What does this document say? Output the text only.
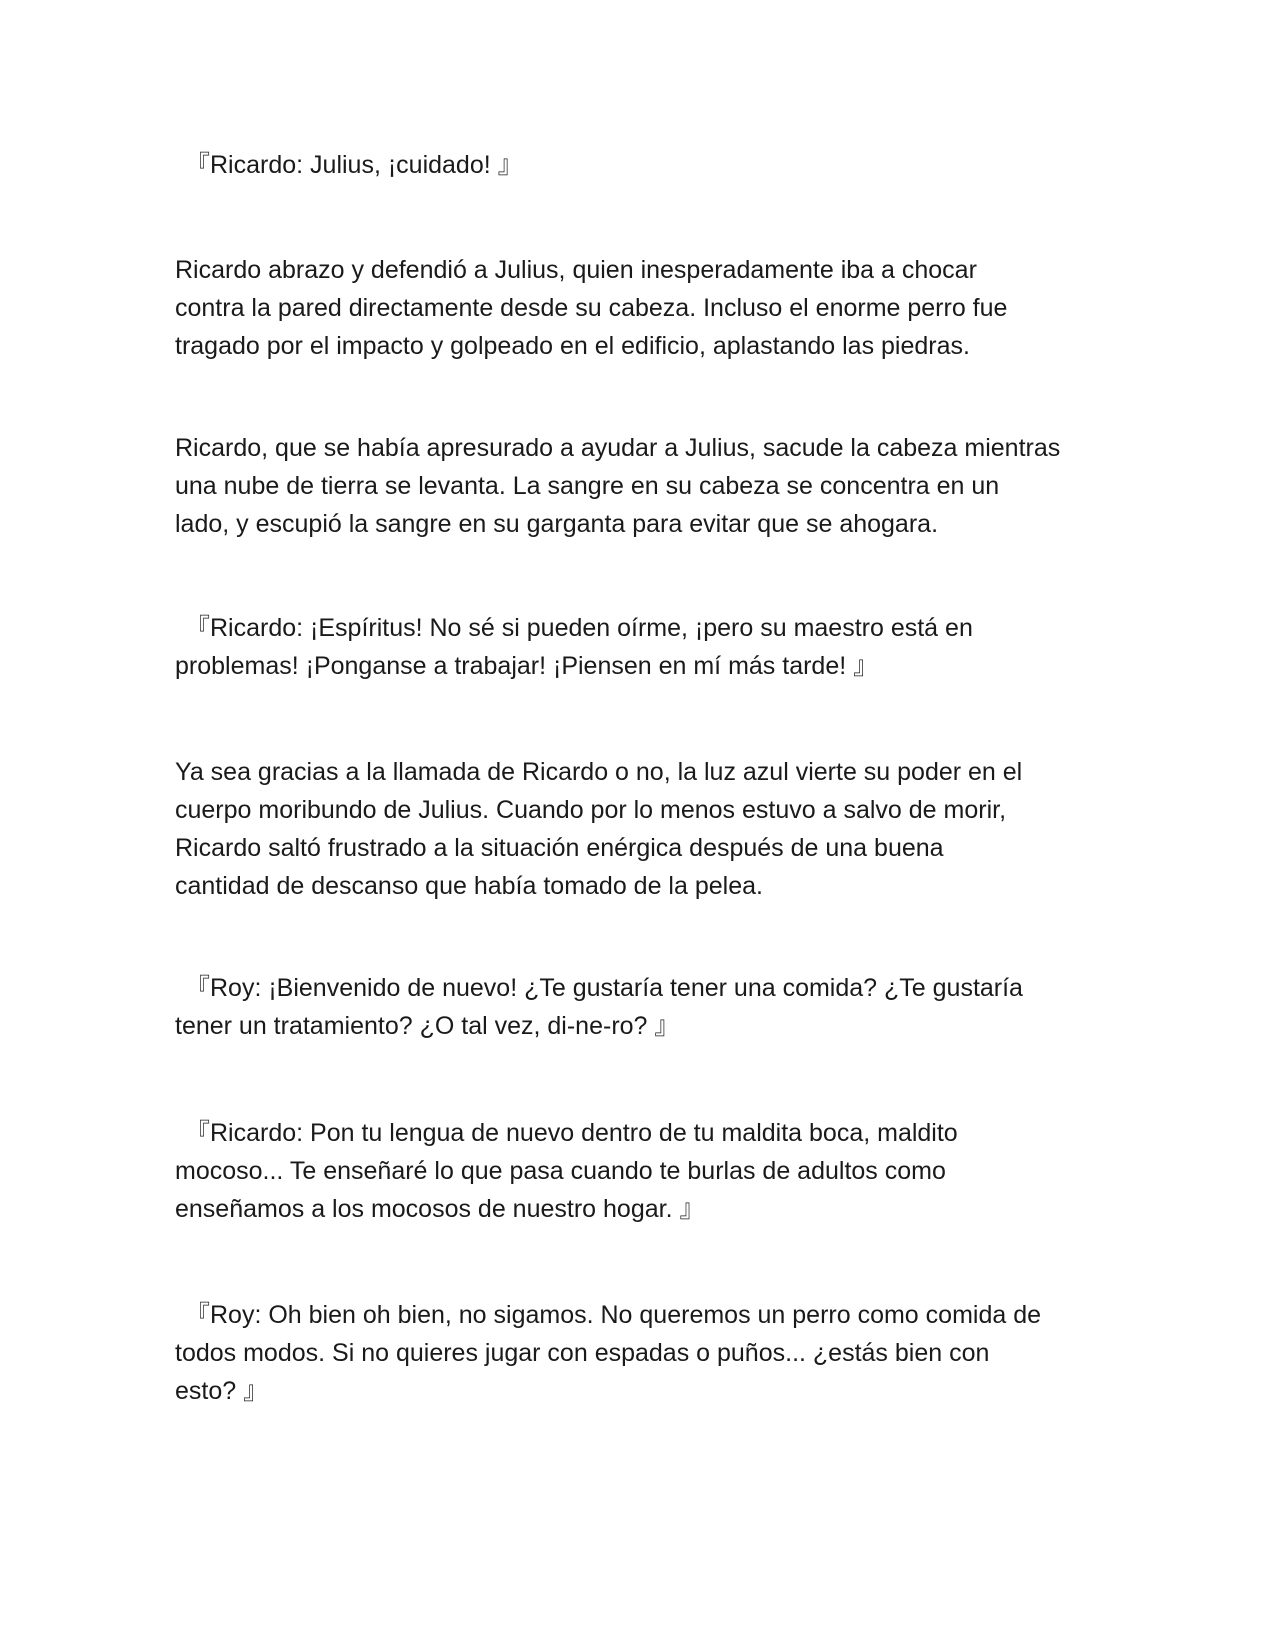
『Ricardo: Julius, ¡cuidado! 』

Ricardo abrazo y defendió a Julius, quien inesperadamente iba a chocar
contra la pared directamente desde su cabeza. Incluso el enorme perro fue
tragado por el impacto y golpeado en el edificio, aplastando las piedras.

Ricardo, que se había apresurado a ayudar a Julius, sacude la cabeza mientras
una nube de tierra se levanta. La sangre en su cabeza se concentra en un
lado, y escupió la sangre en su garganta para evitar que se ahogara.

『Ricardo: ¡Espíritus! No sé si pueden oírme, ¡pero su maestro está en
problemas! ¡Ponganse a trabajar! ¡Piensen en mí más tarde! 』

Ya sea gracias a la llamada de Ricardo o no, la luz azul vierte su poder en el
cuerpo moribundo de Julius. Cuando por lo menos estuvo a salvo de morir,
Ricardo saltó frustrado a la situación enérgica después de una buena
cantidad de descanso que había tomado de la pelea.

『Roy: ¡Bienvenido de nuevo! ¿Te gustaría tener una comida? ¿Te gustaría
tener un tratamiento? ¿O tal vez, di-ne-ro? 』

『Ricardo: Pon tu lengua de nuevo dentro de tu maldita boca, maldito
mocoso... Te enseñaré lo que pasa cuando te burlas de adultos como
enseñamos a los mocosos de nuestro hogar. 』

『Roy: Oh bien oh bien, no sigamos. No queremos un perro como comida de
todos modos. Si no quieres jugar con espadas o puños... ¿estás bien con
esto? 』
